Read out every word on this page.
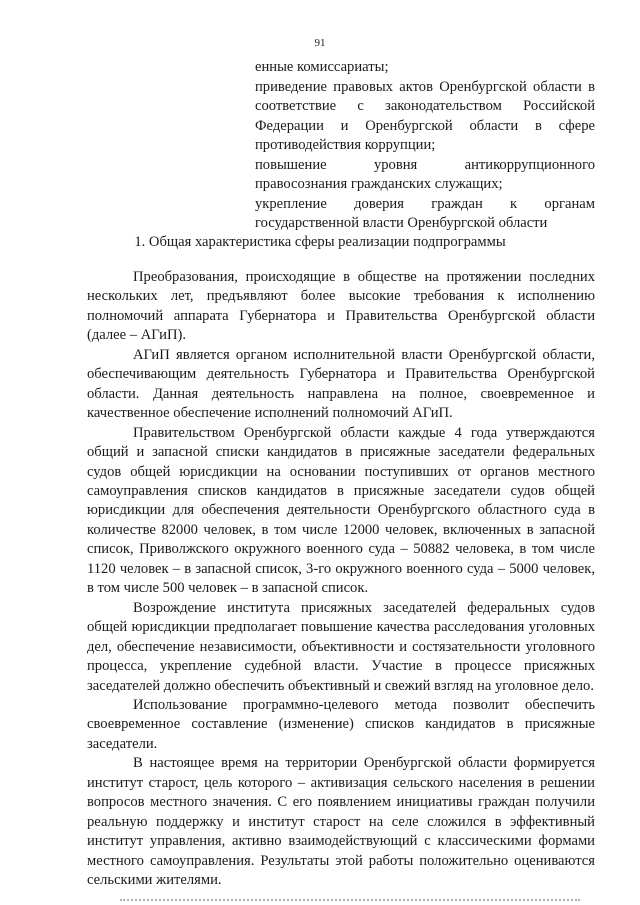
91
енные комиссариаты;
приведение правовых актов Оренбургской области в соответствие с законодательством Российской Федерации и Оренбургской области в сфере противодействия коррупции;
повышение уровня антикоррупционного правосознания гражданских служащих;
укрепление доверия граждан к органам государственной власти Оренбургской области
1. Общая характеристика сферы реализации подпрограммы

Преобразования, происходящие в обществе на протяжении последних нескольких лет, предъявляют более высокие требования к исполнению полномочий аппарата Губернатора и Правительства Оренбургской области (далее – АГиП).

АГиП является органом исполнительной власти Оренбургской области, обеспечивающим деятельность Губернатора и Правительства Оренбургской области. Данная деятельность направлена на полное, своевременное и качественное обеспечение исполнений полномочий АГиП.

Правительством Оренбургской области каждые 4 года утверждаются общий и запасной списки кандидатов в присяжные заседатели федеральных судов общей юрисдикции на основании поступивших от органов местного самоуправления списков кандидатов в присяжные заседатели судов общей юрисдикции для обеспечения деятельности Оренбургского областного суда в количестве 82000 человек, в том числе 12000 человек, включенных в запасной список, Приволжского окружного военного суда – 50882 человека, в том числе 1120 человек – в запасной список, 3-го окружного военного суда – 5000 человек, в том числе 500 человек – в запасной список.

Возрождение института присяжных заседателей федеральных судов общей юрисдикции предполагает повышение качества расследования уголовных дел, обеспечение независимости, объективности и состязательности уголовного процесса, укрепление судебной власти. Участие в процессе присяжных заседателей должно обеспечить объективный и свежий взгляд на уголовное дело.

Использование программно-целевого метода позволит обеспечить своевременное составление (изменение) списков кандидатов в присяжные заседатели.

В настоящее время на территории Оренбургской области формируется институт старост, цель которого – активизация сельского населения в решении вопросов местного значения. С его появлением инициативы граждан получили реальную поддержку и институт старост на селе сложился в эффективный институт управления, активно взаимодействующий с классическими формами местного самоуправления. Результаты этой работы положительно оцениваются сельскими жителями.
